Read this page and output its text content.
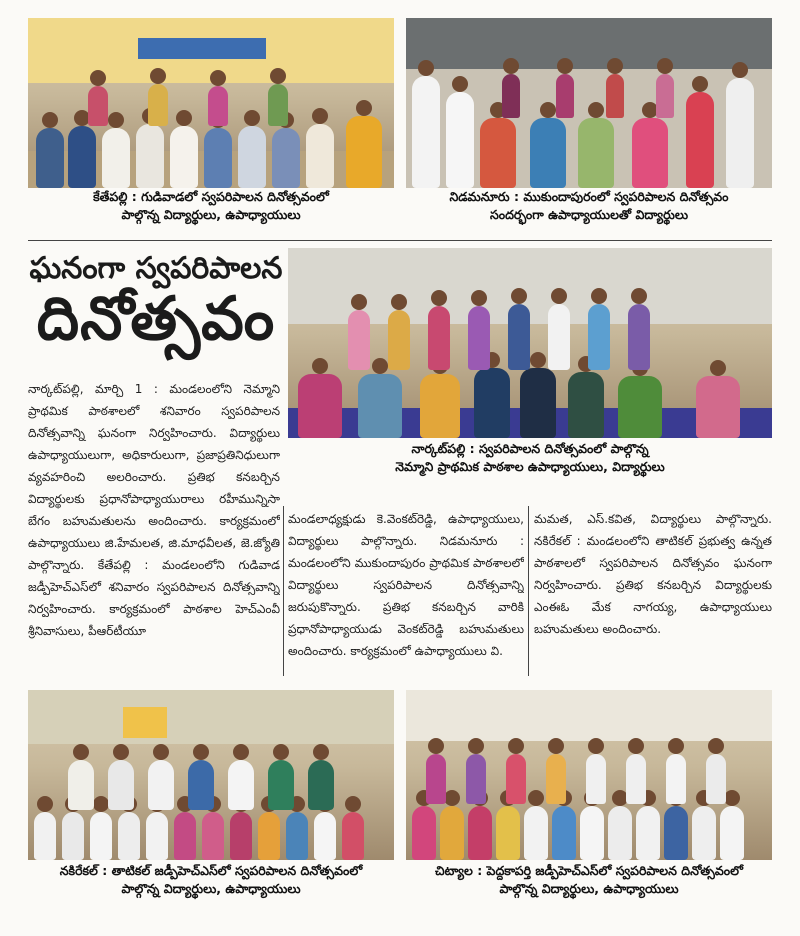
కేతేపల్లి : గుడివాడలో స్వపరిపాలన దినోత్సవంలో
పాల్గొన్న విద్యార్థులు, ఉపాధ్యాయులు
నిడమనూరు : ముకుందాపురంలో స్వపరిపాలన దినోత్సవం
సందర్భంగా ఉపాధ్యాయులతో విద్యార్థులు
ఘనంగా స్వపరిపాలన
దినోత్సవం
నార్కట్‌పల్లి : స్వపరిపాలన దినోత్సవంలో పాల్గొన్న
నెమ్మాని ప్రాథమిక పాఠశాల ఉపాధ్యాయులు, విద్యార్థులు
నార్కట్‌పల్లి, మార్చి 1 : మండలంలోని నెమ్మాని ప్రాథమిక పాఠశాలలో శనివారం స్వపరిపాలన దినోత్సవాన్ని ఘనంగా నిర్వహించారు. విద్యార్థులు ఉపాధ్యాయులుగా, అధికారులుగా, ప్రజాప్రతినిధులుగా వ్యవహరించి అలరించారు. ప్రతిభ కనబర్చిన విద్యార్థులకు ప్రధానోపాధ్యాయురాలు రహీమున్నిసా బేగం బహుమతులను అందించారు. కార్యక్రమంలో ఉపాధ్యాయులు జి.హేమలత, జి.మాధవీలత, జె.జ్యోతి పాల్గొన్నారు. కేతేపల్లి : మండలంలోని గుడివాడ జడ్పీహెచ్‌ఎస్‌లో శనివారం స్వపరిపాలన దినోత్సవాన్ని నిర్వహించారు. కార్యక్రమంలో పాఠశాల హెచ్‌ఎంవీ శ్రీనివాసులు, పీఆర్‌టీయూ
మండలాధ్యక్షుడు కె.వెంకట్‌రెడ్డి, ఉపాధ్యాయులు, విద్యార్థులు పాల్గొన్నారు. నిడమనూరు : మండలంలోని ముకుందాపురం ప్రాథమిక పాఠశాలలో విద్యార్థులు స్వపరిపాలన దినోత్సవాన్ని జరుపుకొన్నారు. ప్రతిభ కనబర్చిన వారికి ప్రధానోపాధ్యాయుడు వెంకట్‌రెడ్డి బహుమతులు అందించారు. కార్యక్రమంలో ఉపాధ్యాయులు వి.
మమత, ఎస్.కవిత, విద్యార్థులు పాల్గొన్నారు. నకిరేకల్ : మండలంలోని తాటికల్ ప్రభుత్వ ఉన్నత పాఠశాలలో స్వపరిపాలన దినోత్సవం ఘనంగా నిర్వహించారు. ప్రతిభ కనబర్చిన విద్యార్థులకు ఎంఈఓ మేక నాగయ్య, ఉపాధ్యాయులు బహుమతులు అందించారు.
నకిరేకల్ : తాటికల్ జడ్పీహెచ్‌ఎస్‌లో స్వపరిపాలన దినోత్సవంలో
పాల్గొన్న విద్యార్థులు, ఉపాధ్యాయులు
చిట్యాల : పెద్దకాపర్తి జడ్పీహెచ్‌ఎస్‌లో స్వపరిపాలన దినోత్సవంలో
పాల్గొన్న విద్యార్థులు, ఉపాధ్యాయులు
